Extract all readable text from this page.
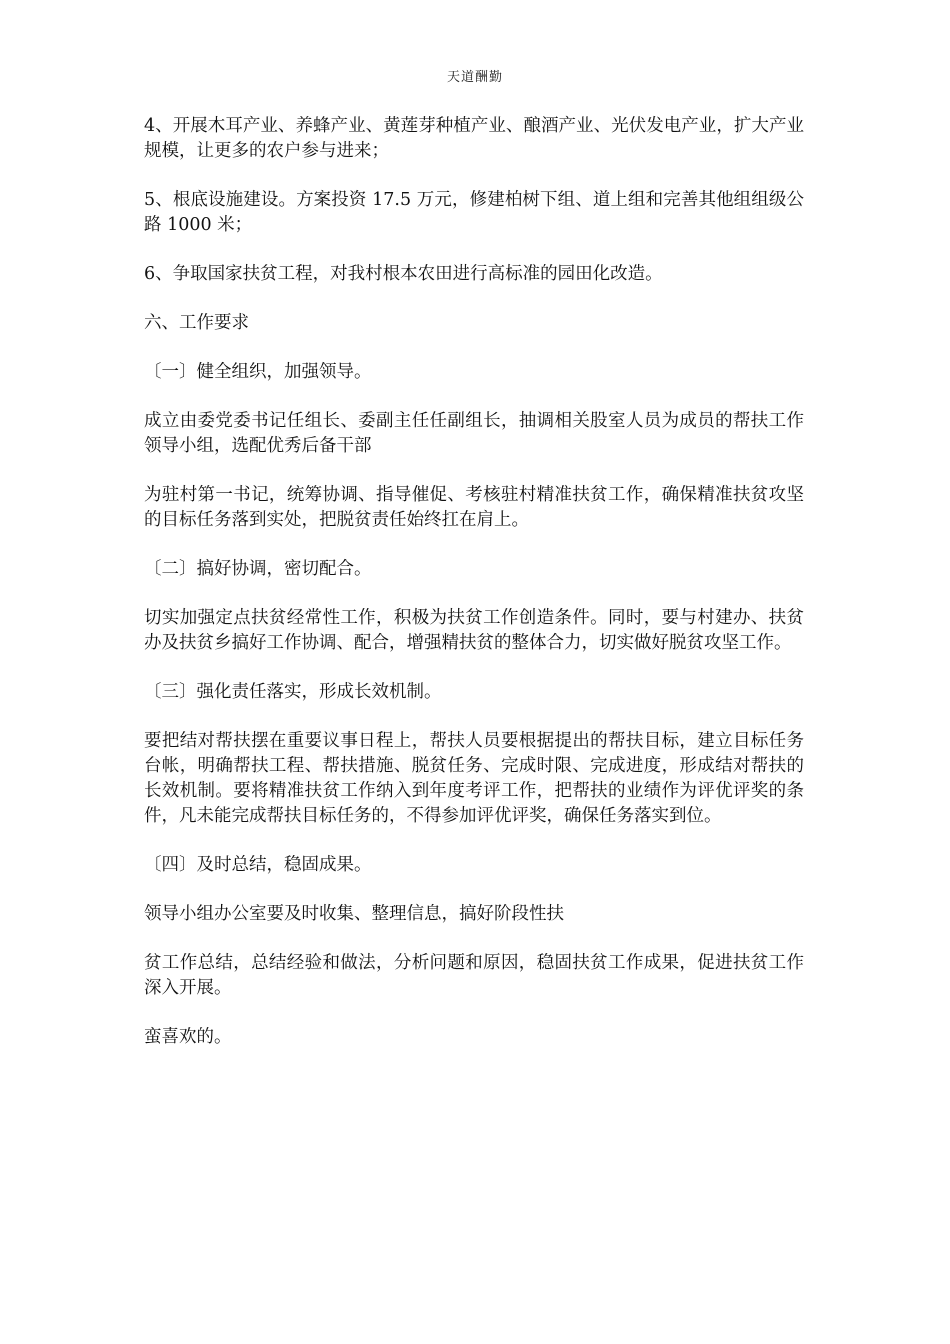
天道酬勤

4、开展木耳产业、养蜂产业、黄莲芽种植产业、酿酒产业、光伏发电产业，扩大产业规模，让更多的农户参与进来；

5、根底设施建设。方案投资 17.5 万元，修建柏树下组、道上组和完善其他组组级公路 1000 米；

6、争取国家扶贫工程，对我村根本农田进行高标准的园田化改造。

六、工作要求

〔一〕健全组织，加强领导。

成立由委党委书记任组长、委副主任任副组长，抽调相关股室人员为成员的帮扶工作领导小组，选配优秀后备干部

为驻村第一书记，统筹协调、指导催促、考核驻村精准扶贫工作，确保精准扶贫攻坚的目标任务落到实处，把脱贫责任始终扛在肩上。

〔二〕搞好协调，密切配合。

切实加强定点扶贫经常性工作，积极为扶贫工作创造条件。同时，要与村建办、扶贫办及扶贫乡搞好工作协调、配合，增强精扶贫的整体合力，切实做好脱贫攻坚工作。

〔三〕强化责任落实，形成长效机制。

要把结对帮扶摆在重要议事日程上，帮扶人员要根据提出的帮扶目标，建立目标任务台帐，明确帮扶工程、帮扶措施、脱贫任务、完成时限、完成进度，形成结对帮扶的长效机制。要将精准扶贫工作纳入到年度考评工作，把帮扶的业绩作为评优评奖的条件，凡未能完成帮扶目标任务的，不得参加评优评奖，确保任务落实到位。

〔四〕及时总结，稳固成果。

领导小组办公室要及时收集、整理信息，搞好阶段性扶

贫工作总结，总结经验和做法，分析问题和原因，稳固扶贫工作成果，促进扶贫工作深入开展。

蛮喜欢的。
